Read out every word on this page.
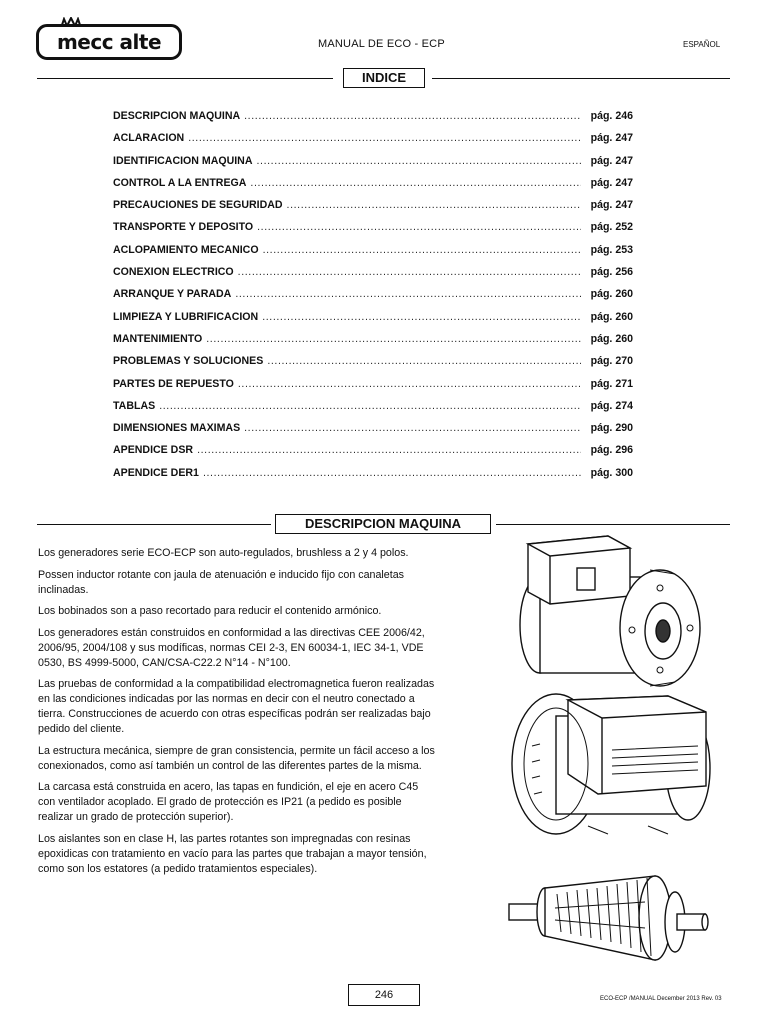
mecc alte	MANUAL DE ECO - ECP	ESPAÑOL
INDICE
DESCRIPCION MAQUINA .....	pág. 246
ACLARACION .....	pág. 247
IDENTIFICACION MAQUINA .....	pág. 247
CONTROL A LA ENTREGA .....	pág. 247
PRECAUCIONES DE SEGURIDAD .....	pág. 247
TRANSPORTE Y DEPOSITO .....	pág. 252
ACLOPAMIENTO MECANICO .....	pág. 253
CONEXION ELECTRICO .....	pág. 256
ARRANQUE Y PARADA .....	pág. 260
LIMPIEZA Y LUBRIFICACION .....	pág. 260
MANTENIMIENTO .....	pág. 260
PROBLEMAS Y SOLUCIONES .....	pág. 270
PARTES DE REPUESTO .....	pág. 271
TABLAS .....	pág. 274
DIMENSIONES MAXIMAS .....	pág. 290
APENDICE DSR .....	pág. 296
APENDICE DER1 .....	pág. 300
DESCRIPCION MAQUINA

Los generadores serie ECO-ECP son auto-regulados, brushless a 2 y 4 polos.

Possen inductor rotante con jaula de atenuación e inducido fijo con canaletas inclinadas.

Los bobinados son a paso recortado para reducir el contenido armónico.

Los generadores están construidos en conformidad a las directivas CEE 2006/42, 2006/95, 2004/108 y sus modíficas, normas CEI 2-3, EN 60034-1, IEC 34-1, VDE 0530, BS 4999-5000, CAN/CSA-C22.2 N°14 - N°100.

Las pruebas de conformidad a la compatibilidad electromagnetica fueron realizadas en las condiciones indicadas por las normas en decir con el neutro conectado a tierra. Construcciones de acuerdo con otras específicas podrán ser realizadas bajo pedido del cliente.

La estructura mecánica, siempre de gran consistencia, permite un fácil acceso a los conexionados, como así también un control de las diferentes partes de la misma.

La carcasa está construida en acero, las tapas en fundición, el eje en acero C45 con ventilador acoplado. El grado de protección es IP21 (a pedido es posible realizar un grado de protección superior).

Los aislantes son en clase H, las partes rotantes son impregnadas con resinas epoxidicas con tratamiento en vacío para las partes que trabajan a mayor tensión, como son los estatores (a pedido tratamientos especiales).

246	ECO-ECP /MANUAL December 2013 Rev. 03
